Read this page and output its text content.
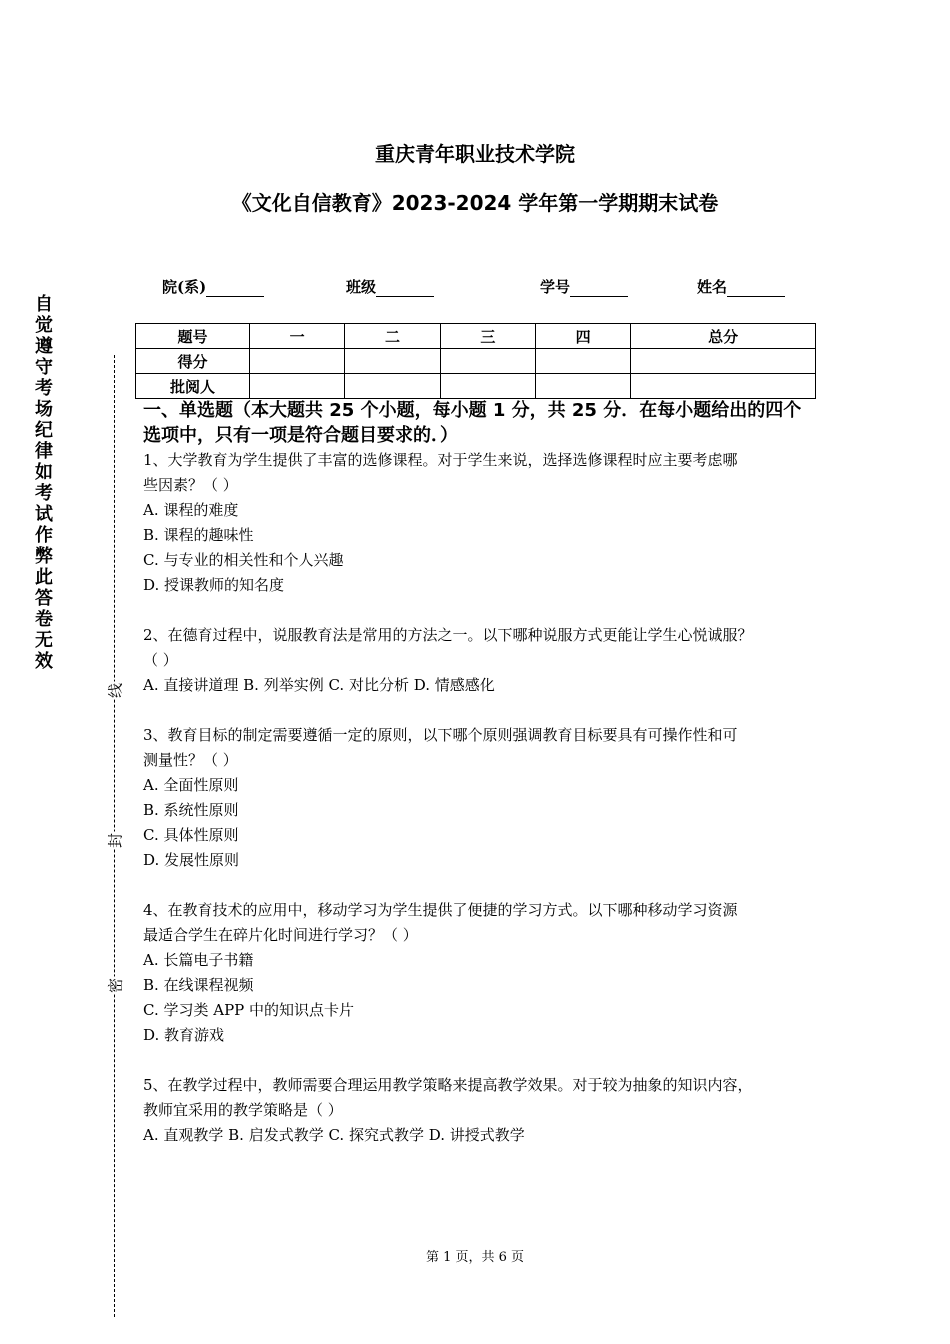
重庆青年职业技术学院
《文化自信教育》2023-2024 学年第一学期期末试卷
院(系)	班级	学号	姓名
题号	一	二	三	四	总分
得分					
批阅人					
自
觉
遵
守
考
场
纪
律
如
考
试
作
弊
此
答
卷
无
效
线
封
密

一、单选题（本大题共 25 个小题，每小题 1 分，共 25 分．在每小题给出的四个

选项中，只有一项是符合题目要求的．）

1、大学教育为学生提供了丰富的选修课程。对于学生来说，选择选修课程时应主要考虑哪

些因素？（ ）

A. 课程的难度

B. 课程的趣味性

C. 与专业的相关性和个人兴趣

D. 授课教师的知名度

2、在德育过程中，说服教育法是常用的方法之一。以下哪种说服方式更能让学生心悦诚服？

（ ）

A. 直接讲道理 B. 列举实例 C. 对比分析 D. 情感感化

3、教育目标的制定需要遵循一定的原则，以下哪个原则强调教育目标要具有可操作性和可

测量性？（ ）

A. 全面性原则

B. 系统性原则

C. 具体性原则

D. 发展性原则

4、在教育技术的应用中，移动学习为学生提供了便捷的学习方式。以下哪种移动学习资源

最适合学生在碎片化时间进行学习？（ ）

A. 长篇电子书籍

B. 在线课程视频

C. 学习类 APP 中的知识点卡片

D. 教育游戏

5、在教学过程中，教师需要合理运用教学策略来提高教学效果。对于较为抽象的知识内容，

教师宜采用的教学策略是（ ）

A. 直观教学 B. 启发式教学 C. 探究式教学 D. 讲授式教学

第 1 页，共 6 页
